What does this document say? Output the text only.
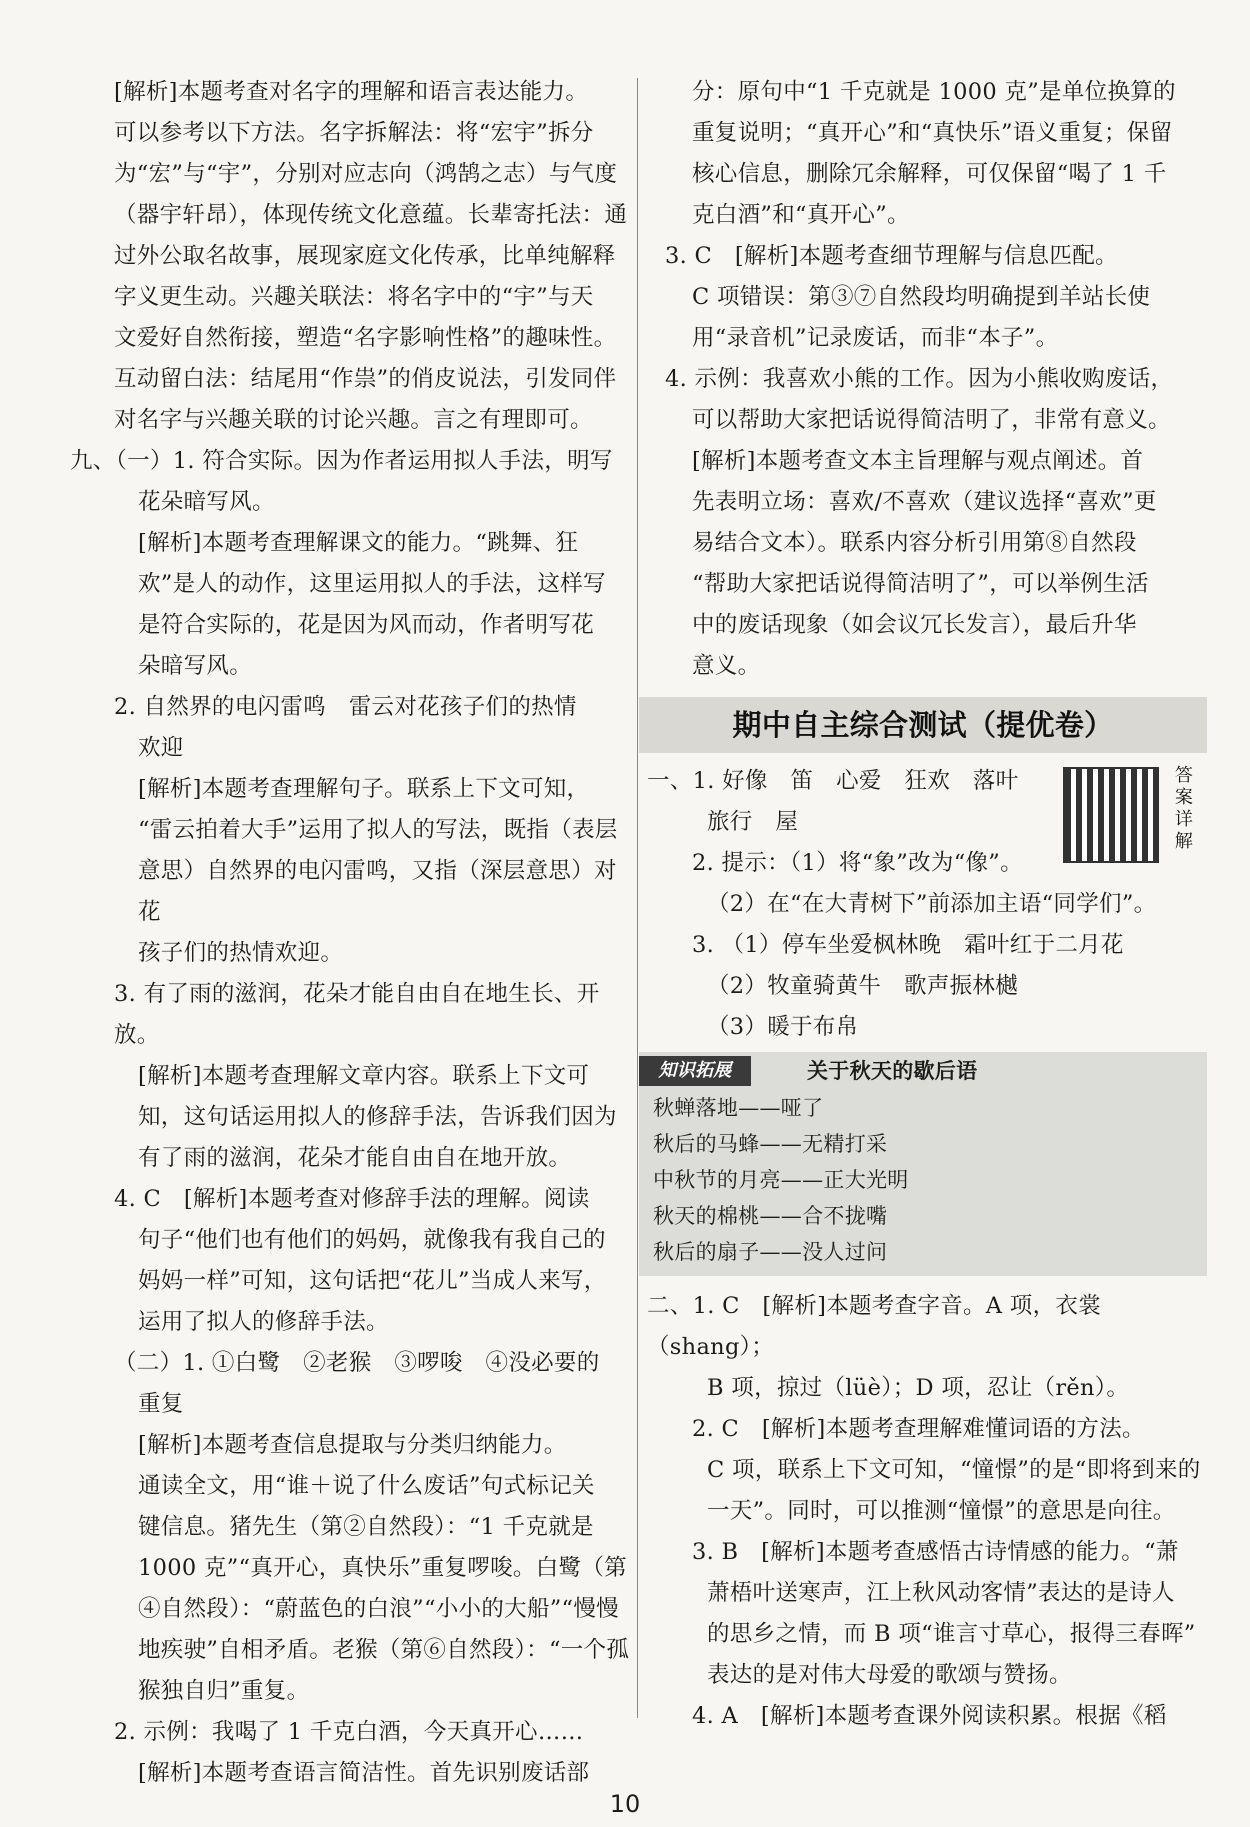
[解析]本题考查对名字的理解和语言表达能力。

可以参考以下方法。名字拆解法：将“宏宇”拆分

为“宏”与“宇”，分别对应志向（鸿鹄之志）与气度

（器宇轩昂），体现传统文化意蕴。长辈寄托法：通

过外公取名故事，展现家庭文化传承，比单纯解释

字义更生动。兴趣关联法：将名字中的“宇”与天

文爱好自然衔接，塑造“名字影响性格”的趣味性。

互动留白法：结尾用“作祟”的俏皮说法，引发同伴

对名字与兴趣关联的讨论兴趣。言之有理即可。

九、（一）1. 符合实际。因为作者运用拟人手法，明写

花朵暗写风。

[解析]本题考查理解课文的能力。“跳舞、狂

欢”是人的动作，这里运用拟人的手法，这样写

是符合实际的，花是因为风而动，作者明写花

朵暗写风。

2. 自然界的电闪雷鸣　雷云对花孩子们的热情

欢迎

[解析]本题考查理解句子。联系上下文可知，

“雷云拍着大手”运用了拟人的写法，既指（表层

意思）自然界的电闪雷鸣，又指（深层意思）对花

孩子们的热情欢迎。

3. 有了雨的滋润，花朵才能自由自在地生长、开放。

[解析]本题考查理解文章内容。联系上下文可

知，这句话运用拟人的修辞手法，告诉我们因为

有了雨的滋润，花朵才能自由自在地开放。

4. C　[解析]本题考查对修辞手法的理解。阅读

句子“他们也有他们的妈妈，就像我有我自己的

妈妈一样”可知，这句话把“花儿”当成人来写，

运用了拟人的修辞手法。

（二）1. ①白鹭　②老猴　③啰唆　④没必要的

重复

[解析]本题考查信息提取与分类归纳能力。

通读全文，用“谁＋说了什么废话”句式标记关

键信息。猪先生（第②自然段）：“1 千克就是

1000 克”“真开心，真快乐”重复啰唆。白鹭（第

④自然段）：“蔚蓝色的白浪”“小小的大船”“慢慢

地疾驶”自相矛盾。老猴（第⑥自然段）：“一个孤

猴独自归”重复。

2. 示例：我喝了 1 千克白酒，今天真开心……

[解析]本题考查语言简洁性。首先识别废话部

分：原句中“1 千克就是 1000 克”是单位换算的

重复说明；“真开心”和“真快乐”语义重复；保留

核心信息，删除冗余解释，可仅保留“喝了 1 千

克白酒”和“真开心”。

3. C　[解析]本题考查细节理解与信息匹配。

C 项错误：第③⑦自然段均明确提到羊站长使

用“录音机”记录废话，而非“本子”。

4. 示例：我喜欢小熊的工作。因为小熊收购废话，

可以帮助大家把话说得简洁明了，非常有意义。

[解析]本题考查文本主旨理解与观点阐述。首

先表明立场：喜欢/不喜欢（建议选择“喜欢”更

易结合文本）。联系内容分析引用第⑧自然段

“帮助大家把话说得简洁明了”，可以举例生活

中的废话现象（如会议冗长发言），最后升华

意义。

期中自主综合测试（提优卷）
答案详解

一、1. 好像　笛　心爱　狂欢　落叶

旅行　屋

2. 提示：（1）将“象”改为“像”。

（2）在“在大青树下”前添加主语“同学们”。

3. （1）停车坐爱枫林晚　霜叶红于二月花

（2）牧童骑黄牛　歌声振林樾

（3）暖于布帛

知识拓展	关于秋天的歇后语

秋蝉落地——哑了

秋后的马蜂——无精打采

中秋节的月亮——正大光明

秋天的棉桃——合不拢嘴

秋后的扇子——没人过问

二、1. C　[解析]本题考查字音。A 项，衣裳（shang）；

B 项，掠过（lüè）；D 项，忍让（rěn）。

2. C　[解析]本题考查理解难懂词语的方法。

C 项，联系上下文可知，“憧憬”的是“即将到来的

一天”。同时，可以推测“憧憬”的意思是向往。

3. B　[解析]本题考查感悟古诗情感的能力。“萧

萧梧叶送寒声，江上秋风动客情”表达的是诗人

的思乡之情，而 B 项“谁言寸草心，报得三春晖”

表达的是对伟大母爱的歌颂与赞扬。

4. A　[解析]本题考查课外阅读积累。根据《稻

10
